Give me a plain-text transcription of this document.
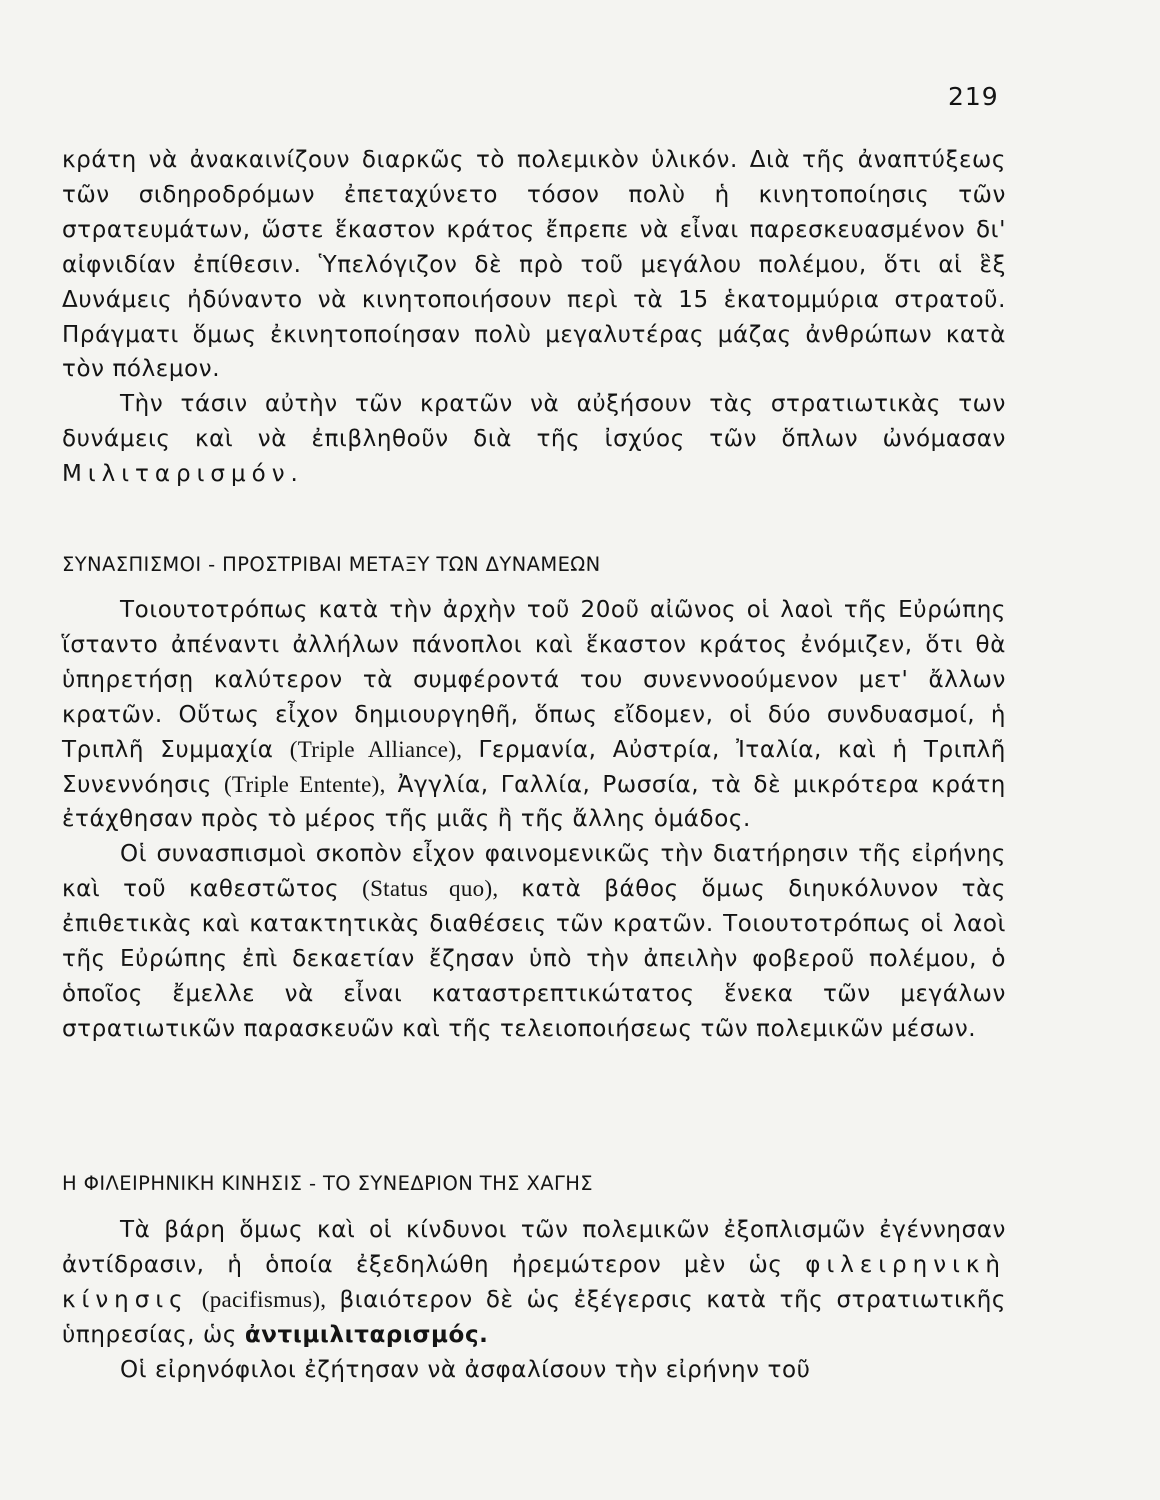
219

κράτη νὰ ἀνακαινίζουν διαρκῶς τὸ πολεμικὸν ὑλικόν. Διὰ τῆς ἀναπτύξεως τῶν σιδηροδρόμων ἐπεταχύνετο τόσον πολὺ ἡ κινητοποίησις τῶν στρατευμάτων, ὥστε ἕκαστον κράτος ἔπρεπε νὰ εἶναι παρεσκευασμένον δι' αἰφνιδίαν ἐπίθεσιν. Ὑπελόγιζον δὲ πρὸ τοῦ μεγάλου πολέμου, ὅτι αἱ ἓξ Δυνάμεις ἠδύναντο νὰ κινητοποιήσουν περὶ τὰ 15 ἑκατομμύρια στρατοῦ. Πράγματι ὅμως ἐκινητοποίησαν πολὺ μεγαλυτέρας μάζας ἀνθρώπων κατὰ τὸν πόλεμον.

Τὴν τάσιν αὐτὴν τῶν κρατῶν νὰ αὐξήσουν τὰς στρατιωτικὰς των δυνάμεις καὶ νὰ ἐπιβληθοῦν διὰ τῆς ἰσχύος τῶν ὅπλων ὠνόμασαν Μιλιταρισμόν.

ΣΥΝΑΣΠΙΣΜΟΙ - ΠΡΟΣΤΡΙΒΑΙ ΜΕΤΑΞΥ ΤΩΝ ΔΥΝΑΜΕΩΝ

Τοιουτοτρόπως κατὰ τὴν ἀρχὴν τοῦ 20οῦ αἰῶνος οἱ λαοὶ τῆς Εὐρώπης ἵσταντο ἀπέναντι ἀλλήλων πάνοπλοι καὶ ἕκαστον κράτος ἐνόμιζεν, ὅτι θὰ ὑπηρετήσῃ καλύτερον τὰ συμφέροντά του συνεννοούμενον μετ' ἄλλων κρατῶν. Οὕτως εἶχον δημιουργηθῆ, ὅπως εἴδομεν, οἱ δύο συνδυασμοί, ἡ Τριπλῆ Συμμαχία (Triple Alliance), Γερμανία, Αὐστρία, Ἰταλία, καὶ ἡ Τριπλῆ Συνεννόησις (Triple Entente), Ἀγγλία, Γαλλία, Ρωσσία, τὰ δὲ μικρότερα κράτη ἐτάχθησαν πρὸς τὸ μέρος τῆς μιᾶς ἢ τῆς ἄλλης ὁμάδος.

Οἱ συνασπισμοὶ σκοπὸν εἶχον φαινομενικῶς τὴν διατήρησιν τῆς εἰρήνης καὶ τοῦ καθεστῶτος (Status quo), κατὰ βάθος ὅμως διηυκόλυνον τὰς ἐπιθετικὰς καὶ κατακτητικὰς διαθέσεις τῶν κρατῶν. Τοιουτοτρόπως οἱ λαοὶ τῆς Εὐρώπης ἐπὶ δεκαετίαν ἔζησαν ὑπὸ τὴν ἀπειλὴν φοβεροῦ πολέμου, ὁ ὁποῖος ἔμελλε νὰ εἶναι καταστρεπτικώτατος ἕνεκα τῶν μεγάλων στρατιωτικῶν παρασκευῶν καὶ τῆς τελειοποιήσεως τῶν πολεμικῶν μέσων.

Η ΦΙΛΕΙΡΗΝΙΚΗ ΚΙΝΗΣΙΣ - ΤΟ ΣΥΝΕΔΡΙΟΝ ΤΗΣ ΧΑΓΗΣ

Τὰ βάρη ὅμως καὶ οἱ κίνδυνοι τῶν πολεμικῶν ἐξοπλισμῶν ἐγέννησαν ἀντίδρασιν, ἡ ὁποία ἐξεδηλώθη ἠρεμώτερον μὲν ὡς φιλειρηνικὴ κίνησις (pacifismus), βιαιότερον δὲ ὡς ἐξέγερσις κατὰ τῆς στρατιωτικῆς ὑπηρεσίας, ὡς ἀντιμιλιταρισμός.

Οἱ εἰρηνόφιλοι ἐζήτησαν νὰ ἀσφαλίσουν τὴν εἰρήνην τοῦ
